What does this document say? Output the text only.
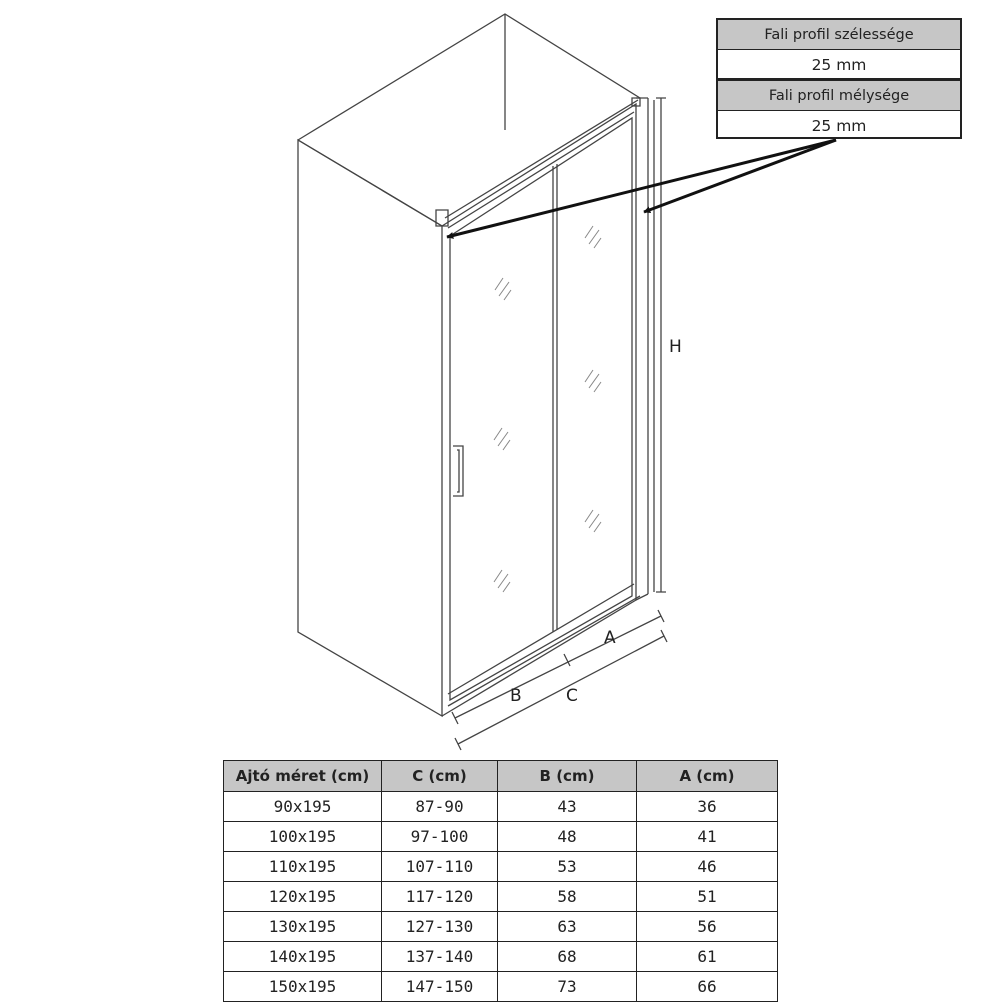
H
A
B	C
Fali profil szélessége
25 mm
Fali profil mélysége
25 mm
Ajtó méret (cm)	C (cm)	B (cm)	A (cm)
90x195	87-90	43	36
100x195	97-100	48	41
110x195	107-110	53	46
120x195	117-120	58	51
130x195	127-130	63	56
140x195	137-140	68	61
150x195	147-150	73	66
